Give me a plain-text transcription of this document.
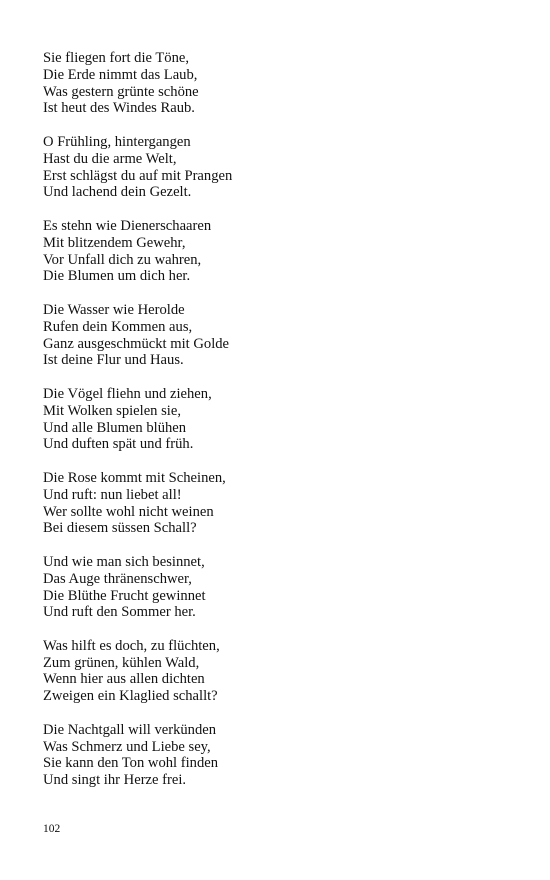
Sie fliegen fort die Töne,
Die Erde nimmt das Laub,
Was gestern grünte schöne
Ist heut des Windes Raub.
O Frühling, hintergangen
Hast du die arme Welt,
Erst schlägst du auf mit Prangen
Und lachend dein Gezelt.
Es stehn wie Dienerschaaren
Mit blitzendem Gewehr,
Vor Unfall dich zu wahren,
Die Blumen um dich her.
Die Wasser wie Herolde
Rufen dein Kommen aus,
Ganz ausgeschmückt mit Golde
Ist deine Flur und Haus.
Die Vögel fliehn und ziehen,
Mit Wolken spielen sie,
Und alle Blumen blühen
Und duften spät und früh.
Die Rose kommt mit Scheinen,
Und ruft: nun liebet all!
Wer sollte wohl nicht weinen
Bei diesem süssen Schall?
Und wie man sich besinnet,
Das Auge thränenschwer,
Die Blüthe Frucht gewinnet
Und ruft den Sommer her.
Was hilft es doch, zu flüchten,
Zum grünen, kühlen Wald,
Wenn hier aus allen dichten
Zweigen ein Klaglied schallt?
Die Nachtgall will verkünden
Was Schmerz und Liebe sey,
Sie kann den Ton wohl finden
Und singt ihr Herze frei.
102
